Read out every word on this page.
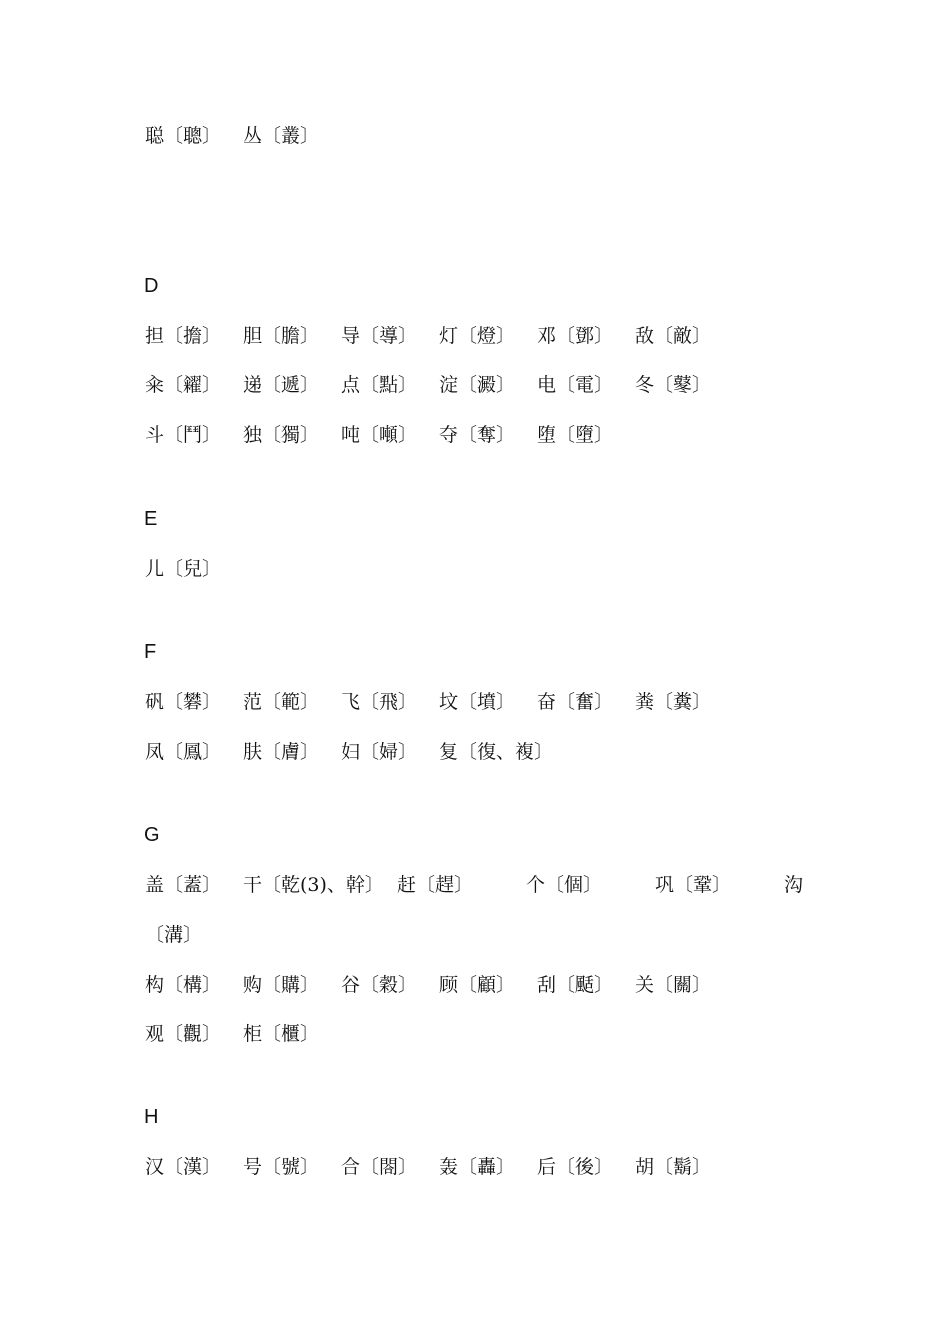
聪〔聰〕 丛〔叢〕
D
担〔擔〕 胆〔膽〕 导〔導〕 灯〔燈〕 邓〔鄧〕 敌〔敵〕
籴〔糴〕 递〔遞〕 点〔點〕 淀〔澱〕 电〔電〕 冬〔鼕〕
斗〔鬥〕 独〔獨〕 吨〔噸〕 夺〔奪〕 堕〔墮〕
E
儿〔兒〕
F
矾〔礬〕 范〔範〕 飞〔飛〕 坟〔墳〕 奋〔奮〕 粪〔糞〕
凤〔鳳〕 肤〔膚〕 妇〔婦〕 复〔復、複〕
G
盖〔蓋〕 干〔乾(3)、幹〕 赶〔趕〕	个〔個〕	巩〔鞏〕	沟
〔溝〕
构〔構〕 购〔購〕 谷〔穀〕 顾〔顧〕 刮〔颳〕 关〔關〕
观〔觀〕 柜〔櫃〕
H
汉〔漢〕 号〔號〕 合〔閤〕 轰〔轟〕 后〔後〕 胡〔鬍〕
